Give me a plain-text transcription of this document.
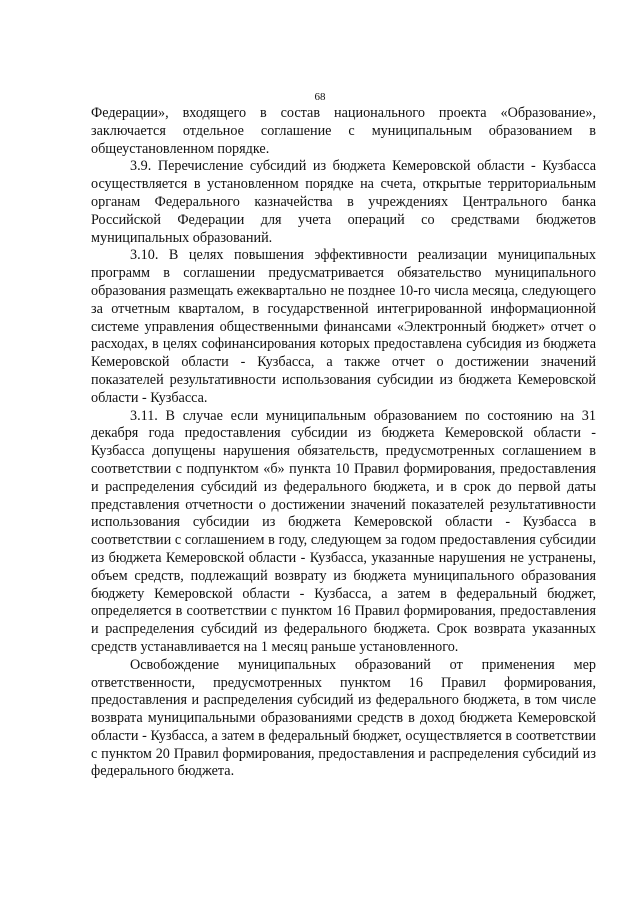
68

Федерации», входящего в состав национального проекта «Образование», заключается отдельное соглашение с муниципальным образованием в общеустановленном порядке.

3.9. Перечисление субсидий из бюджета Кемеровской области - Кузбасса осуществляется в установленном порядке на счета, открытые территориальным органам Федерального казначейства в учреждениях Центрального банка Российской Федерации для учета операций со средствами бюджетов муниципальных образований.

3.10. В целях повышения эффективности реализации муниципальных программ в соглашении предусматривается обязательство муниципального образования размещать ежеквартально не позднее 10-го числа месяца, следующего за отчетным кварталом, в государственной интегрированной информационной системе управления общественными финансами «Электронный бюджет» отчет о расходах, в целях софинансирования которых предоставлена субсидия из бюджета Кемеровской области - Кузбасса, а также отчет о достижении значений показателей результативности использования субсидии из бюджета Кемеровской области - Кузбасса.

3.11. В случае если муниципальным образованием по состоянию на 31 декабря года предоставления субсидии из бюджета Кемеровской области - Кузбасса допущены нарушения обязательств, предусмотренных соглашением в соответствии с подпунктом «б» пункта 10 Правил формирования, предоставления и распределения субсидий из федерального бюджета, и в срок до первой даты представления отчетности о достижении значений показателей результативности использования субсидии из бюджета Кемеровской области - Кузбасса в соответствии с соглашением в году, следующем за годом предоставления субсидии из бюджета Кемеровской области - Кузбасса, указанные нарушения не устранены, объем средств, подлежащий возврату из бюджета муниципального образования бюджету Кемеровской области - Кузбасса, а затем в федеральный бюджет, определяется в соответствии с пунктом 16 Правил формирования, предоставления и распределения субсидий из федерального бюджета. Срок возврата указанных средств устанавливается на 1 месяц раньше установленного.

Освобождение муниципальных образований от применения мер ответственности, предусмотренных пунктом 16 Правил формирования, предоставления и распределения субсидий из федерального бюджета, в том числе возврата муниципальными образованиями средств в доход бюджета Кемеровской области - Кузбасса, а затем в федеральный бюджет, осуществляется в соответствии с пунктом 20 Правил формирования, предоставления и распределения субсидий из федерального бюджета.
